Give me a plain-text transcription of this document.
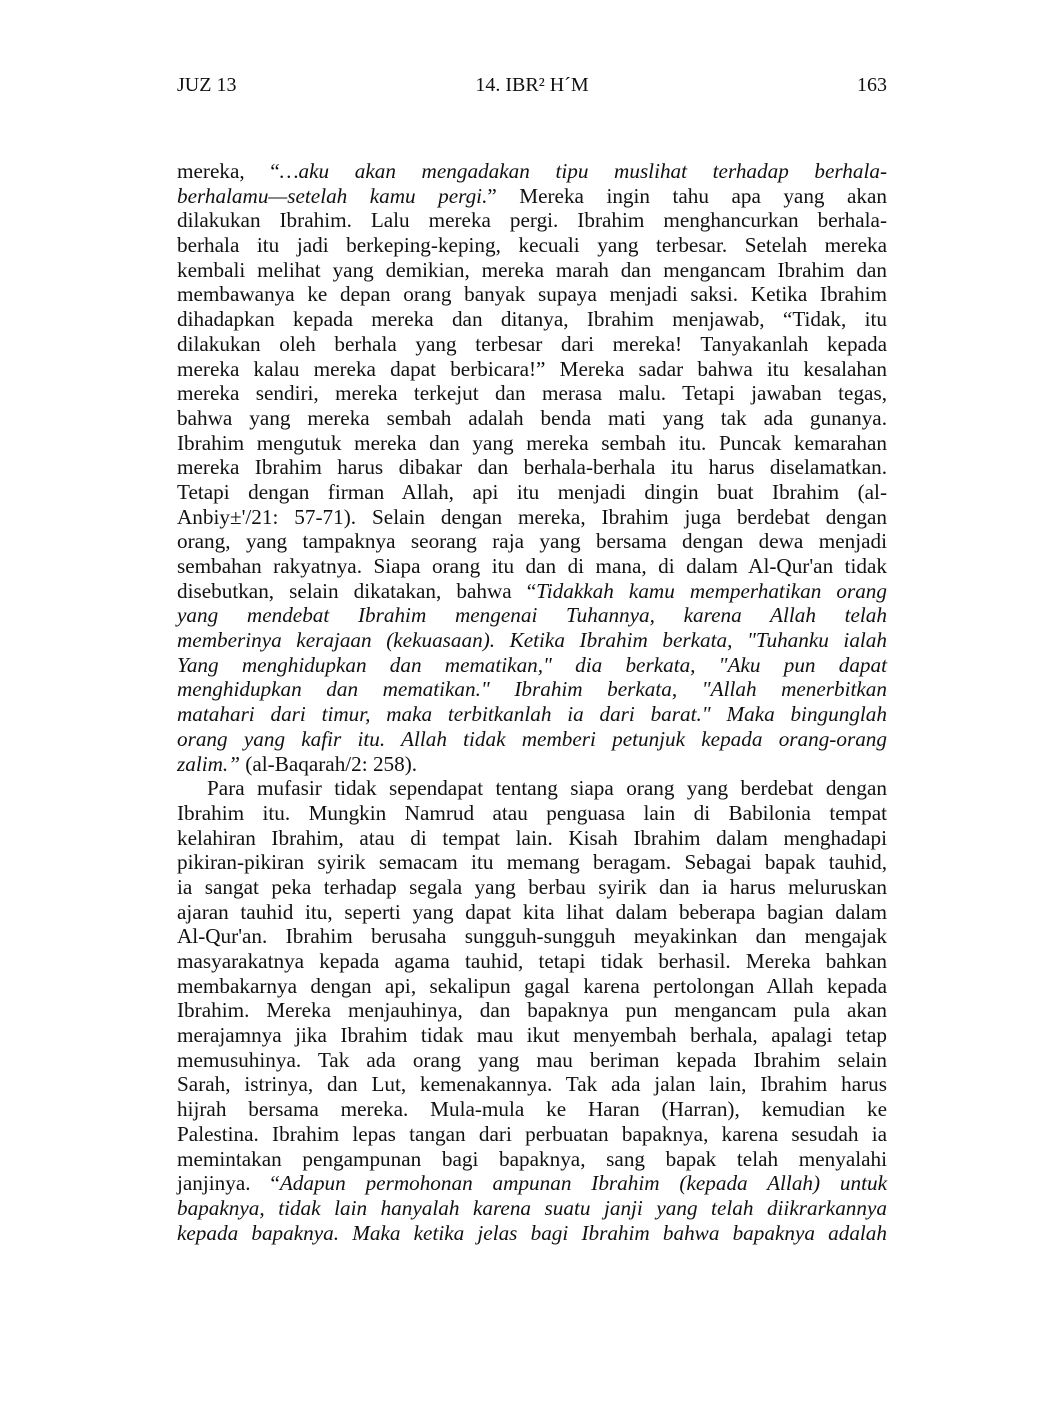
JUZ 13	14. IBR² H´M	163
mereka, “…aku akan mengadakan tipu muslihat terhadap berhala-
berhalamu—setelah kamu pergi.” Mereka ingin tahu apa yang akan
dilakukan Ibrahim. Lalu mereka pergi. Ibrahim menghancurkan berhala-
berhala itu jadi berkeping-keping, kecuali yang terbesar. Setelah mereka
kembali melihat yang demikian, mereka marah dan mengancam Ibrahim dan
membawanya ke depan orang banyak supaya menjadi saksi. Ketika Ibrahim
dihadapkan kepada mereka dan ditanya, Ibrahim menjawab, “Tidak, itu
dilakukan oleh berhala yang terbesar dari mereka! Tanyakanlah kepada
mereka kalau mereka dapat berbicara!” Mereka sadar bahwa itu kesalahan
mereka sendiri, mereka terkejut dan merasa malu. Tetapi jawaban tegas,
bahwa yang mereka sembah adalah benda mati yang tak ada gunanya.
Ibrahim mengutuk mereka dan yang mereka sembah itu. Puncak kemarahan
mereka Ibrahim harus dibakar dan berhala-berhala itu harus diselamatkan.
Tetapi dengan firman Allah, api itu menjadi dingin buat Ibrahim (al-
Anbiy±'/21: 57-71). Selain dengan mereka, Ibrahim juga berdebat dengan
orang, yang tampaknya seorang raja yang bersama dengan dewa menjadi
sembahan rakyatnya. Siapa orang itu dan di mana, di dalam Al-Qur'an tidak
disebutkan, selain dikatakan, bahwa “Tidakkah kamu memperhatikan orang
yang mendebat Ibrahim mengenai Tuhannya, karena Allah telah
memberinya kerajaan (kekuasaan). Ketika Ibrahim berkata, "Tuhanku ialah
Yang menghidupkan dan mematikan," dia berkata, "Aku pun dapat
menghidupkan dan mematikan." Ibrahim berkata, "Allah menerbitkan
matahari dari timur, maka terbitkanlah ia dari barat." Maka bingunglah
orang yang kafir itu. Allah tidak memberi petunjuk kepada orang-orang
zalim.” (al-Baqarah/2: 258).
Para mufasir tidak sependapat tentang siapa orang yang berdebat dengan
Ibrahim itu. Mungkin Namrud atau penguasa lain di Babilonia tempat
kelahiran Ibrahim, atau di tempat lain. Kisah Ibrahim dalam menghadapi
pikiran-pikiran syirik semacam itu memang beragam. Sebagai bapak tauhid,
ia sangat peka terhadap segala yang berbau syirik dan ia harus meluruskan
ajaran tauhid itu, seperti yang dapat kita lihat dalam beberapa bagian dalam
Al-Qur'an. Ibrahim berusaha sungguh-sungguh meyakinkan dan mengajak
masyarakatnya kepada agama tauhid, tetapi tidak berhasil. Mereka bahkan
membakarnya dengan api, sekalipun gagal karena pertolongan Allah kepada
Ibrahim. Mereka menjauhinya, dan bapaknya pun mengancam pula akan
merajamnya jika Ibrahim tidak mau ikut menyembah berhala, apalagi tetap
memusuhinya. Tak ada orang yang mau beriman kepada Ibrahim selain
Sarah, istrinya, dan Lut, kemenakannya. Tak ada jalan lain, Ibrahim harus
hijrah bersama mereka. Mula-mula ke Haran (Harran), kemudian ke
Palestina. Ibrahim lepas tangan dari perbuatan bapaknya, karena sesudah ia
memintakan pengampunan bagi bapaknya, sang bapak telah menyalahi
janjinya. “Adapun permohonan ampunan Ibrahim (kepada Allah) untuk
bapaknya, tidak lain hanyalah karena suatu janji yang telah diikrarkannya
kepada bapaknya. Maka ketika jelas bagi Ibrahim bahwa bapaknya adalah
